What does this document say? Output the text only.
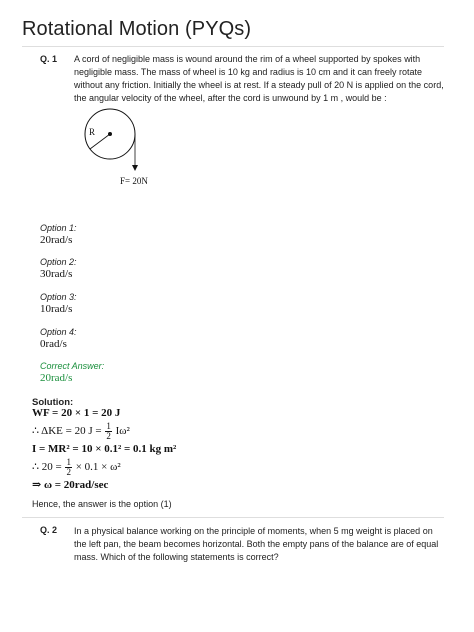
Rotational Motion (PYQs)
Q. 1 A cord of negligible mass is wound around the rim of a wheel supported by spokes with negligible mass. The mass of wheel is 10 kg and radius is 10 cm and it can freely rotate without any friction. Initially the wheel is at rest. If a steady pull of 20 N is applied on the cord, the angular velocity of the wheel, after the cord is unwound by 1 m , would be :
R
F= 20N
Option 1:
20rad/s
Option 2:
30rad/s
Option 3:
10rad/s
Option 4:
0rad/s
Correct Answer:
20rad/s
Solution:
WF = 20 × 1 = 20 J
∴ ΔKE = 20 $J = \frac{1}{2} I\omega^2$
I = MR² = 10 × 0.1² = 0.1 kg m²
∴ $20 = \frac{1}{2} \times 0.1 \times \omega^2$
⇒ ω = 20rad/sec
Hence, the answer is the option (1)
Q. 2 In a physical balance working on the principle of moments, when 5 mg weight is placed on the left pan, the beam becomes horizontal. Both the empty pans of the balance are of equal mass. Which of the following statements is correct?
